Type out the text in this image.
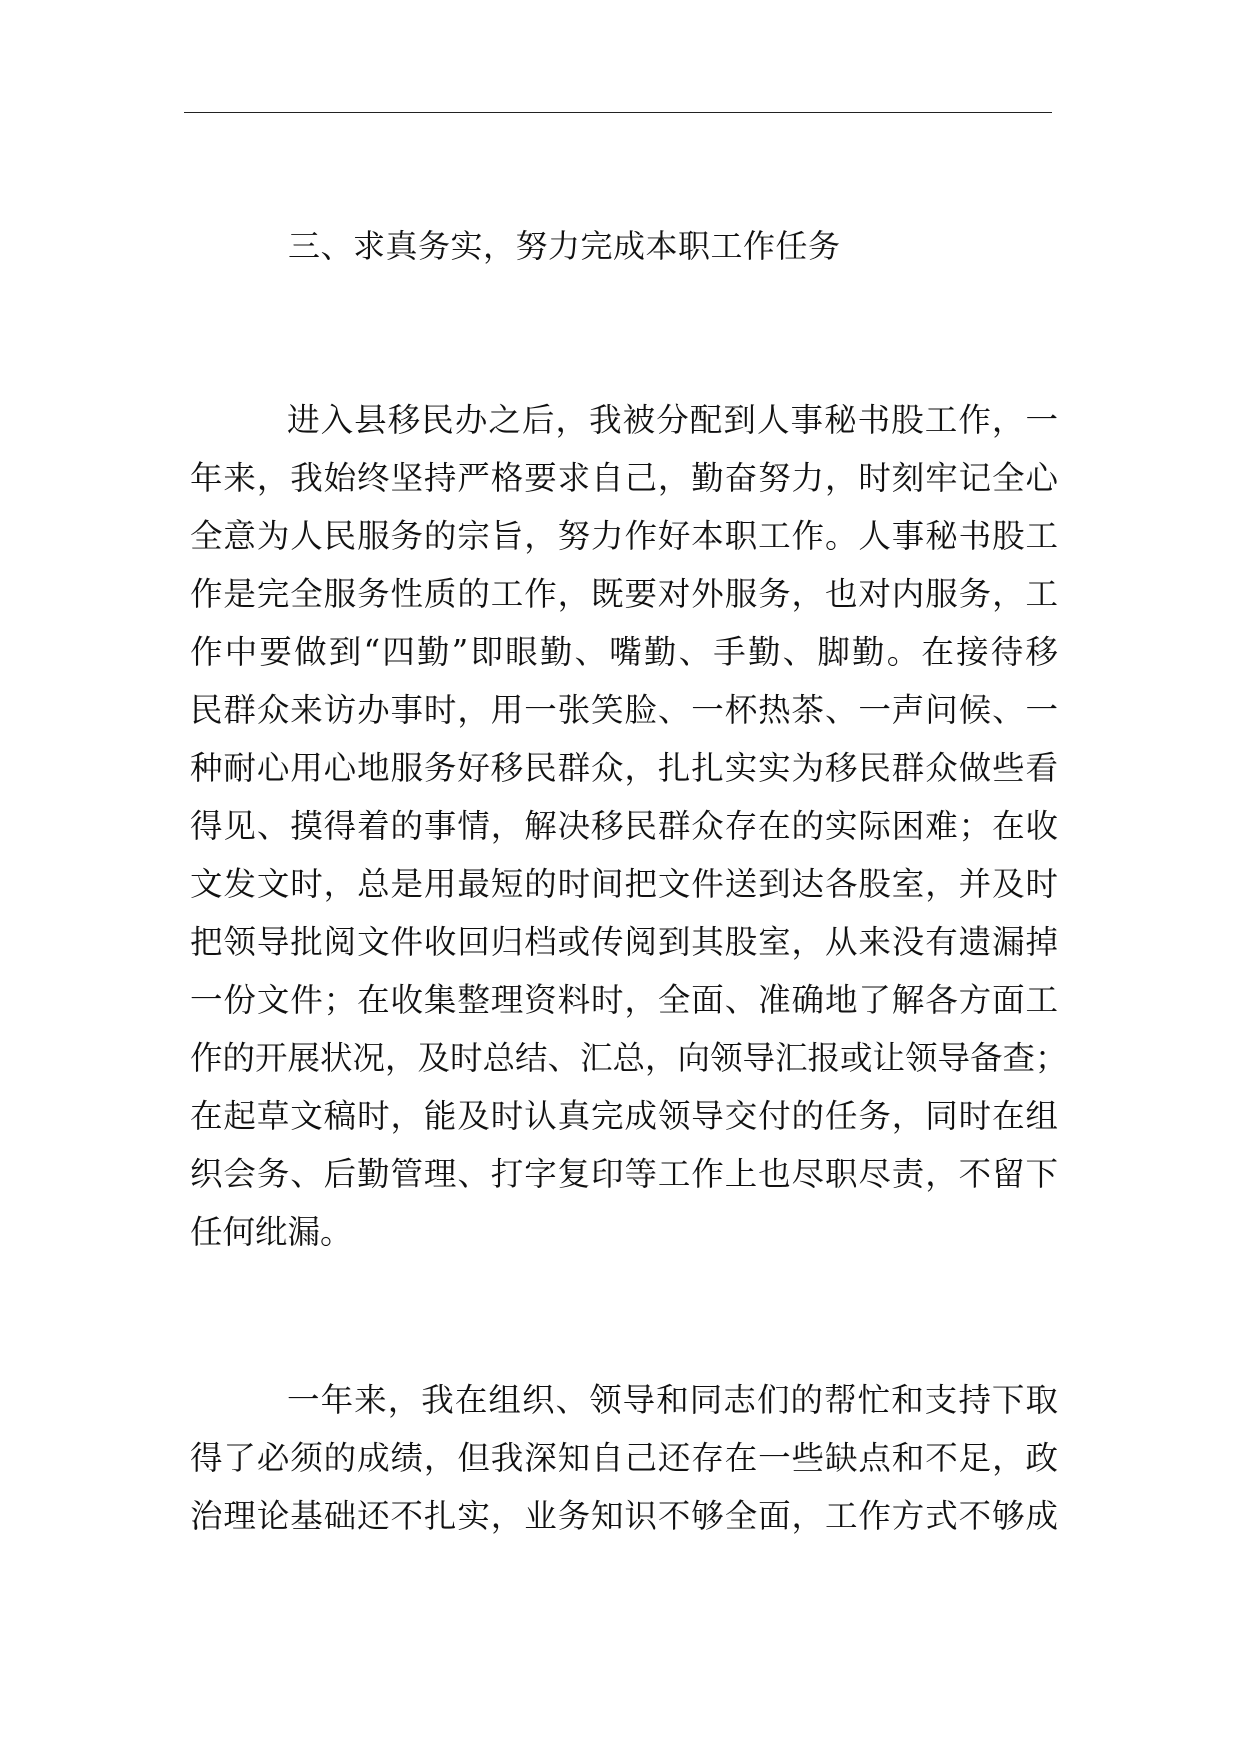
三、求真务实，努力完成本职工作任务
进入县移民办之后，我被分配到人事秘书股工作，一
年来，我始终坚持严格要求自己，勤奋努力，时刻牢记全心
全意为人民服务的宗旨，努力作好本职工作。人事秘书股工
作是完全服务性质的工作，既要对外服务，也对内服务，工
作中要做到“四勤”即眼勤、嘴勤、手勤、脚勤。在接待移
民群众来访办事时，用一张笑脸、一杯热茶、一声问候、一
种耐心用心地服务好移民群众，扎扎实实为移民群众做些看
得见、摸得着的事情，解决移民群众存在的实际困难；在收
文发文时，总是用最短的时间把文件送到达各股室，并及时
把领导批阅文件收回归档或传阅到其股室，从来没有遗漏掉
一份文件；在收集整理资料时，全面、准确地了解各方面工
作的开展状况，及时总结、汇总，向领导汇报或让领导备查；
在起草文稿时，能及时认真完成领导交付的任务，同时在组
织会务、后勤管理、打字复印等工作上也尽职尽责，不留下
任何纰漏。
一年来，我在组织、领导和同志们的帮忙和支持下取
得了必须的成绩，但我深知自己还存在一些缺点和不足，政
治理论基础还不扎实，业务知识不够全面，工作方式不够成
